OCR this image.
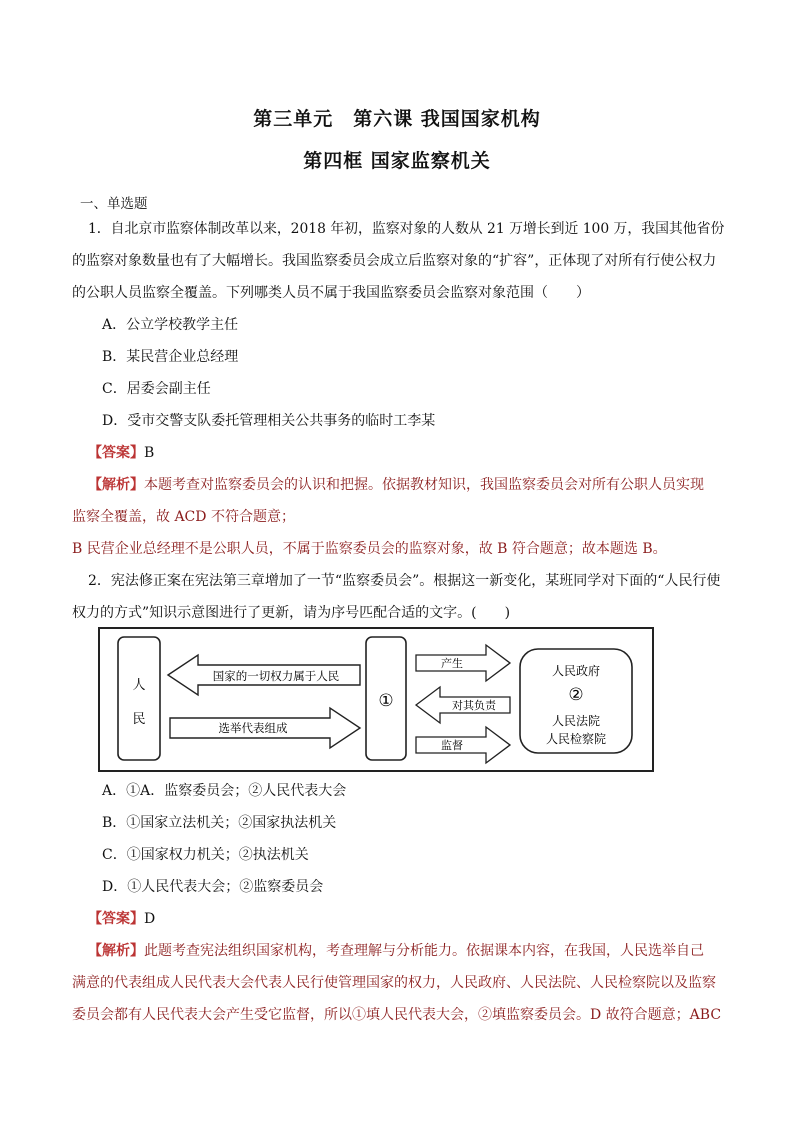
第三单元　第六课 我国国家机构
第四框 国家监察机关
一、单选题
1．自北京市监察体制改革以来，2018 年初，监察对象的人数从 21 万增长到近 100 万，我国其他省份
的监察对象数量也有了大幅增长。我国监察委员会成立后监察对象的“扩容”，正体现了对所有行使公权力
的公职人员监察全覆盖。下列哪类人员不属于我国监察委员会监察对象范围（　　）
A．公立学校教学主任
B．某民营企业总经理
C．居委会副主任
D．受市交警支队委托管理相关公共事务的临时工李某
【答案】B
【解析】本题考查对监察委员会的认识和把握。依据教材知识，我国监察委员会对所有公职人员实现
监察全覆盖，故 ACD 不符合题意；
B 民营企业总经理不是公职人员，不属于监察委员会的监察对象，故 B 符合题意；故本题选 B。
2．宪法修正案在宪法第三章增加了一节“监察委员会”。根据这一新变化，某班同学对下面的“人民行使
权力的方式”知识示意图进行了更新，请为序号匹配合适的文字。(　　)
人
民
国家的一切权力属于人民
选举代表组成
①
产生
对其负责
监督
人民政府
②
人民法院
人民检察院
A．①A．监察委员会；②人民代表大会
B．①国家立法机关；②国家执法机关
C．①国家权力机关；②执法机关
D．①人民代表大会；②监察委员会
【答案】D
【解析】此题考查宪法组织国家机构，考查理解与分析能力。依据课本内容，在我国，人民选举自己
满意的代表组成人民代表大会代表人民行使管理国家的权力，人民政府、人民法院、人民检察院以及监察
委员会都有人民代表大会产生受它监督，所以①填人民代表大会，②填监察委员会。D 故符合题意；ABC
